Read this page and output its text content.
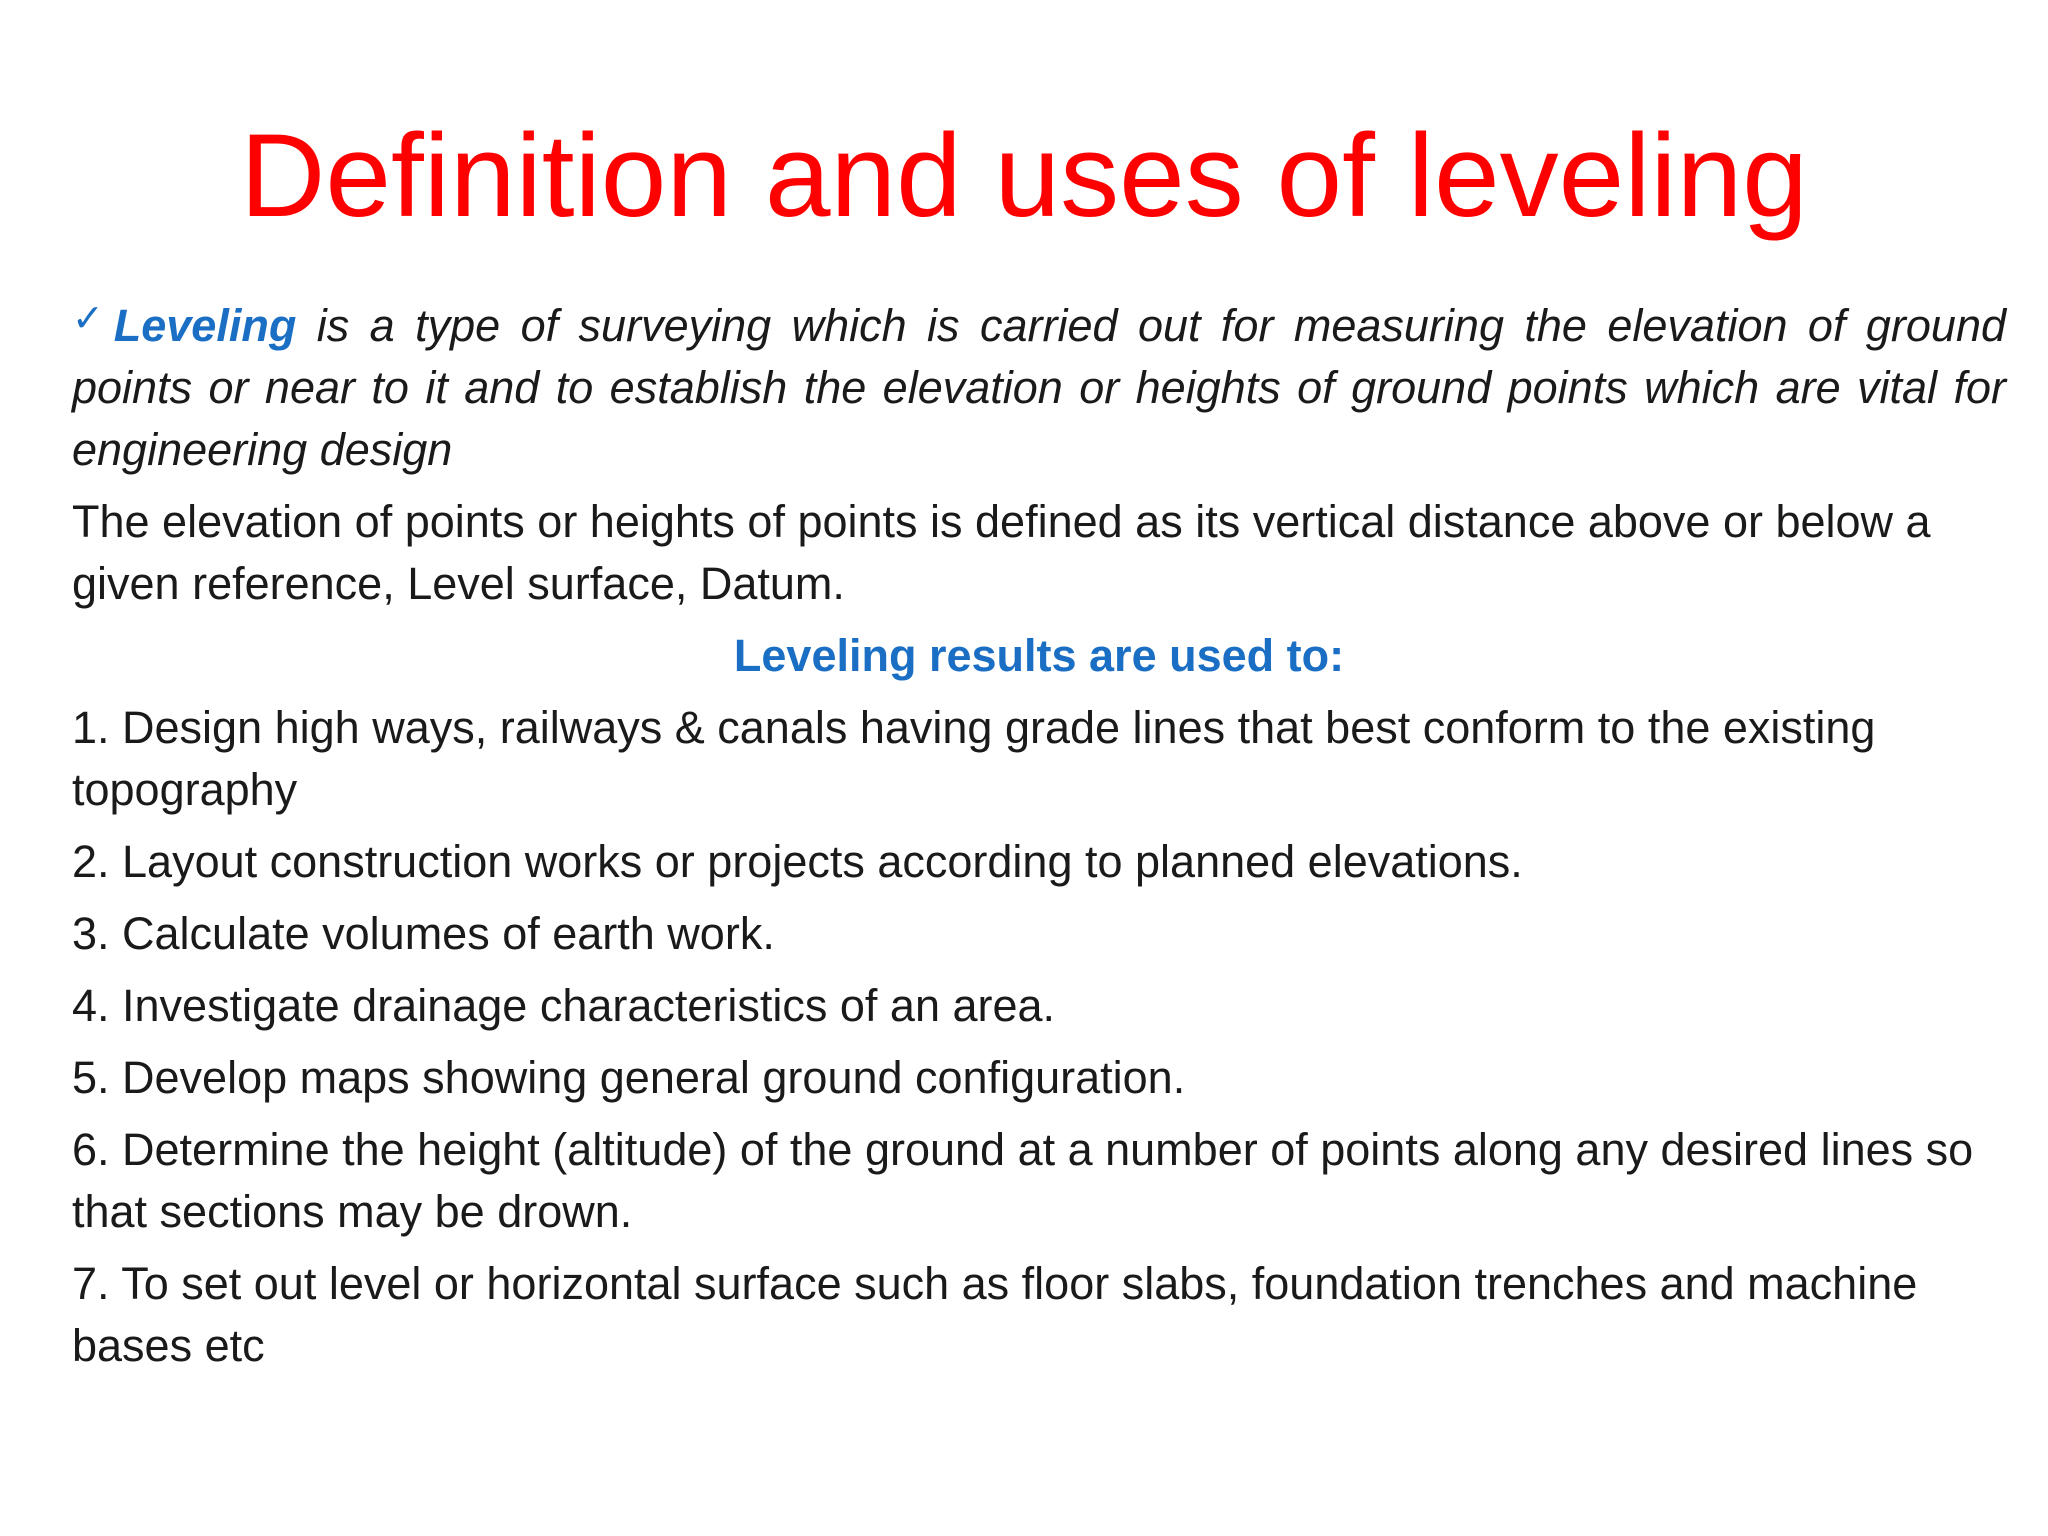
Definition and uses of leveling

✓Leveling is a type of surveying which is carried out for measuring the elevation of ground points or near to it and to establish the elevation or heights of ground points which are vital for engineering design

The elevation of points or heights of points is defined as its vertical distance above or below a given reference, Level surface, Datum.

Leveling results are used to:

1. Design high ways, railways & canals having grade lines that best conform to the existing topography
2. Layout construction works or projects according to planned elevations.
3. Calculate volumes of earth work.
4. Investigate drainage characteristics of an area.
5. Develop maps showing general ground configuration.
6. Determine the height (altitude) of the ground at a number of points along any desired lines so that sections may be drown.
7. To set out level or horizontal surface such as floor slabs, foundation trenches and machine bases etc
